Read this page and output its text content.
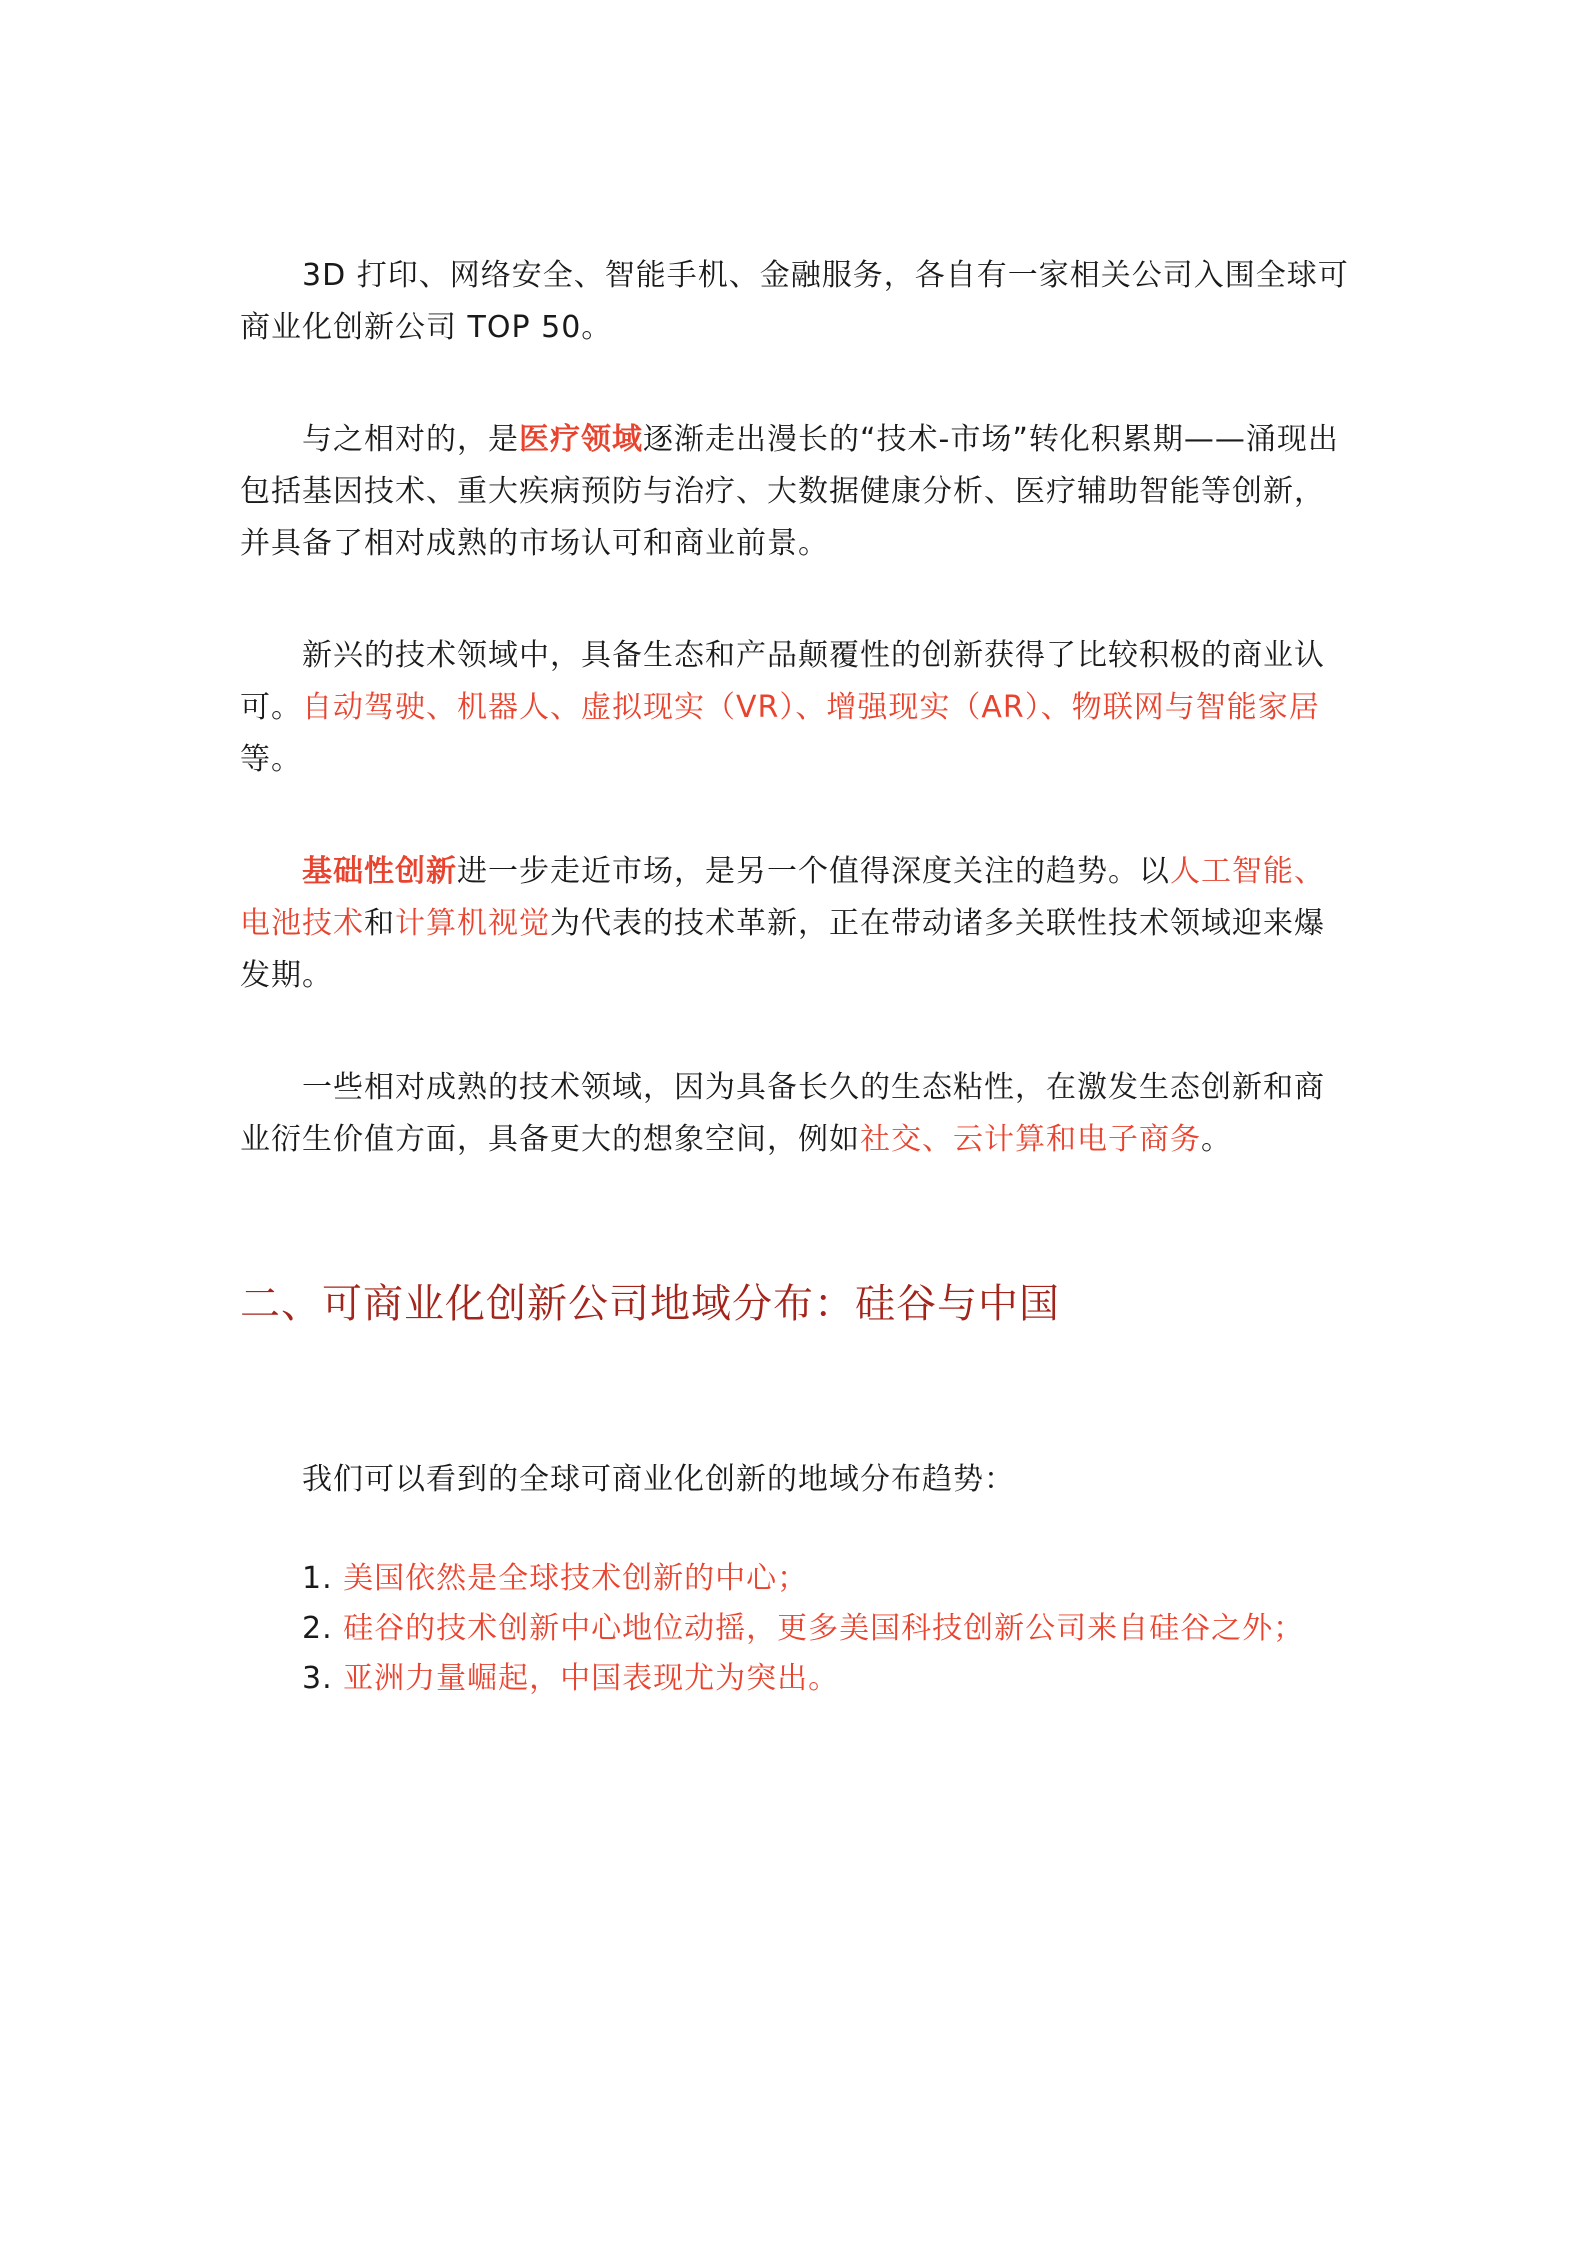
3D 打印、网络安全、智能手机、金融服务，各自有一家相关公司入围全球可商业化创新公司 TOP 50。

与之相对的，是医疗领域逐渐走出漫长的“技术-市场”转化积累期——涌现出包括基因技术、重大疾病预防与治疗、大数据健康分析、医疗辅助智能等创新，并具备了相对成熟的市场认可和商业前景。

新兴的技术领域中，具备生态和产品颠覆性的创新获得了比较积极的商业认可。自动驾驶、机器人、虚拟现实（VR）、增强现实（AR）、物联网与智能家居等。

基础性创新进一步走近市场，是另一个值得深度关注的趋势。以人工智能、电池技术和计算机视觉为代表的技术革新，正在带动诸多关联性技术领域迎来爆发期。

一些相对成熟的技术领域，因为具备长久的生态粘性，在激发生态创新和商业衍生价值方面，具备更大的想象空间，例如社交、云计算和电子商务。

二、可商业化创新公司地域分布：硅谷与中国

我们可以看到的全球可商业化创新的地域分布趋势：

1. 美国依然是全球技术创新的中心；
2. 硅谷的技术创新中心地位动摇，更多美国科技创新公司来自硅谷之外；
3. 亚洲力量崛起，中国表现尤为突出。
